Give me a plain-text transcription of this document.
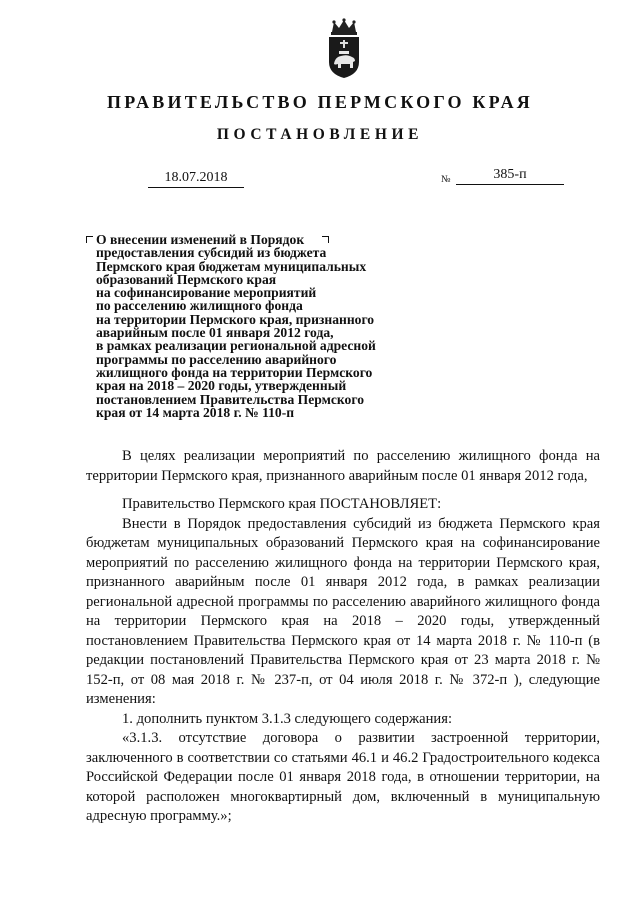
ПРАВИТЕЛЬСТВО ПЕРМСКОГО КРАЯ
ПОСТАНОВЛЕНИЕ
18.07.2018	№	385-п
О внесении изменений в Порядок
предоставления субсидий из бюджета
Пермского края бюджетам муниципальных
образований Пермского края
на софинансирование мероприятий
по расселению жилищного фонда
на территории Пермского края, признанного
аварийным после 01 января 2012 года,
в рамках реализации региональной адресной
программы по расселению аварийного
жилищного фонда на территории Пермского
края на 2018 – 2020 годы, утвержденный
постановлением Правительства Пермского
края от 14 марта 2018 г. № 110-п
В целях реализации мероприятий по расселению жилищного фонда на территории Пермского края, признанного аварийным после 01 января 2012 года,
Правительство Пермского края ПОСТАНОВЛЯЕТ:
Внести в Порядок предоставления субсидий из бюджета Пермского края бюджетам муниципальных образований Пермского края на софинансирование мероприятий по расселению жилищного фонда на территории Пермского края, признанного аварийным после 01 января 2012 года, в рамках реализации региональной адресной программы по расселению аварийного жилищного фонда на территории Пермского края на 2018 – 2020 годы, утвержденный постановлением Правительства Пермского края от 14 марта 2018 г. № 110-п (в редакции постановлений Правительства Пермского края от 23 марта 2018 г. № 152-п, от 08 мая 2018 г. № 237-п, от 04 июля 2018 г. № 372-п ), следующие изменения:
1. дополнить пунктом 3.1.3 следующего содержания:
«3.1.3. отсутствие договора о развитии застроенной территории, заключенного в соответствии со статьями 46.1 и 46.2 Градостроительного кодекса Российской Федерации после 01 января 2018 года, в отношении территории, на которой расположен многоквартирный дом, включенный в муниципальную адресную программу.»;
